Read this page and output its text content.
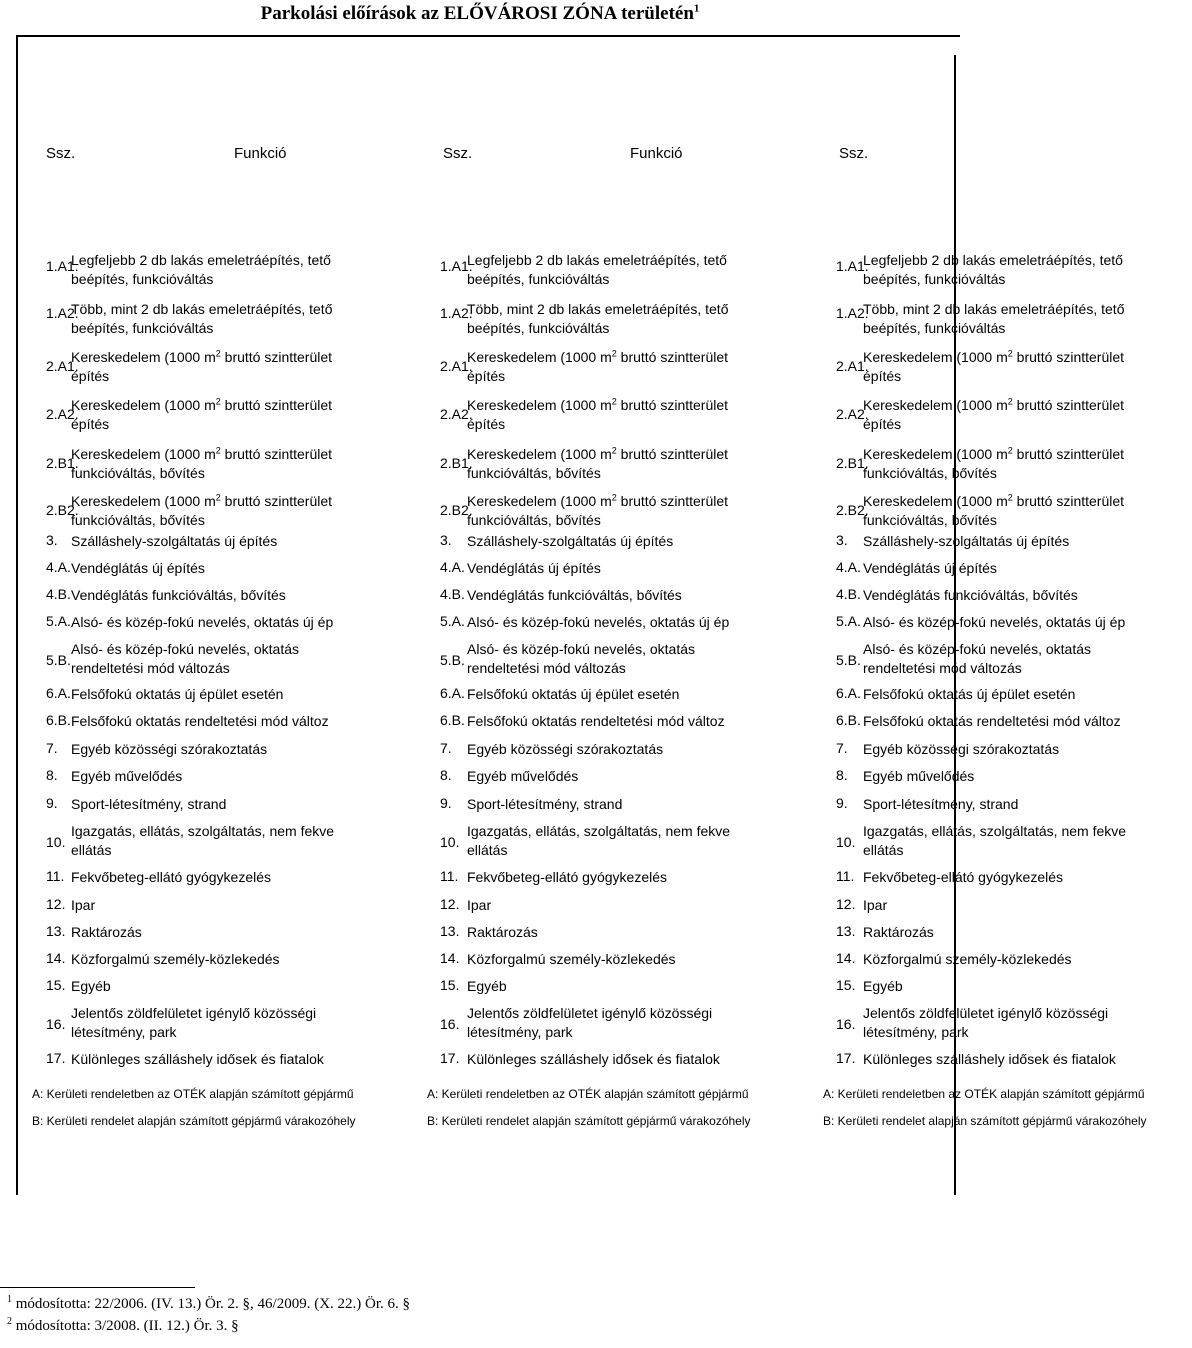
Parkolási előírások az ELŐVÁROSI ZÓNA területén$^1$
Ssz.	Funkció
1.A1.
Legfeljebb 2 db lakás emeletráépítés, tető
beépítés, funkcióváltás
1.A2.
Több, mint 2 db lakás emeletráépítés, tető
beépítés, funkcióváltás
2.A1.
Kereskedelem (1000 $m^2$ bruttó szintterület
építés
2.A2.
Kereskedelem (1000 $m^2$ bruttó szintterület
építés
2.B1.
Kereskedelem (1000 $m^2$ bruttó szintterület
funkcióváltás, bővítés
2.B2.
Kereskedelem (1000 $m^2$ bruttó szintterület
funkcióváltás, bővítés
3. Szálláshely-szolgáltatás új építés
4.A. Vendéglátás új építés
4.B. Vendéglátás funkcióváltás, bővítés
5.A. Alsó- és közép-fokú nevelés, oktatás új ép
5.B.
Alsó- és közép-fokú nevelés, oktatás
rendeltetési mód változás
6.A. Felsőfokú oktatás új épület esetén
6.B. Felsőfokú oktatás rendeltetési mód változ
7. Egyéb közösségi szórakoztatás
8. Egyéb művelődés
9. Sport-létesítmény, strand
10.
Igazgatás, ellátás, szolgáltatás, nem fekve
ellátás
11. Fekvőbeteg-ellátó gyógykezelés
12. Ipar
13. Raktározás
14. Közforgalmú személy-közlekedés
15. Egyéb
16.
Jelentős zöldfelületet igénylő közösségi
létesítmény, park
17. Különleges szálláshely idősek és fiatalok
A: Kerületi rendeletben az OTÉK alapján számított gépjármű
B: Kerületi rendelet alapján számított gépjármű várakozóhely
Ssz.	Funkció
1.A1.
Legfeljebb 2 db lakás emeletráépítés, tető
beépítés, funkcióváltás
1.A2.
Több, mint 2 db lakás emeletráépítés, tető
beépítés, funkcióváltás
2.A1.
Kereskedelem (1000 $m^2$ bruttó szintterület
építés
2.A2.
Kereskedelem (1000 $m^2$ bruttó szintterület
építés
2.B1.
Kereskedelem (1000 $m^2$ bruttó szintterület
funkcióváltás, bővítés
2.B2.
Kereskedelem (1000 $m^2$ bruttó szintterület
funkcióváltás, bővítés
3. Szálláshely-szolgáltatás új építés
4.A. Vendéglátás új építés
4.B. Vendéglátás funkcióváltás, bővítés
5.A. Alsó- és közép-fokú nevelés, oktatás új ép
5.B.
Alsó- és közép-fokú nevelés, oktatás
rendeltetési mód változás
6.A. Felsőfokú oktatás új épület esetén
6.B. Felsőfokú oktatás rendeltetési mód változ
7. Egyéb közösségi szórakoztatás
8. Egyéb művelődés
9. Sport-létesítmény, strand
10.
Igazgatás, ellátás, szolgáltatás, nem fekve
ellátás
11. Fekvőbeteg-ellátó gyógykezelés
12. Ipar
13. Raktározás
14. Közforgalmú személy-közlekedés
15. Egyéb
16.
Jelentős zöldfelületet igénylő közösségi
létesítmény, park
17. Különleges szálláshely idősek és fiatalok
A: Kerületi rendeletben az OTÉK alapján számított gépjármű
B: Kerületi rendelet alapján számított gépjármű várakozóhely
Ssz.
1.A1.
Legfeljebb 2 db lakás emeletráépítés, tető
beépítés, funkcióváltás
1.A2.
Több, mint 2 db lakás emeletráépítés, tető
beépítés, funkcióváltás
2.A1.
Kereskedelem (1000 $m^2$ bruttó szintterület
építés
2.A2.
Kereskedelem (1000 $m^2$ bruttó szintterület
építés
2.B1.
Kereskedelem (1000 $m^2$ bruttó szintterület
funkcióváltás, bővítés
2.B2.
Kereskedelem (1000 $m^2$ bruttó szintterület
funkcióváltás, bővítés
3. Szálláshely-szolgáltatás új építés
4.A. Vendéglátás új építés
4.B. Vendéglátás funkcióváltás, bővítés
5.A. Alsó- és közép-fokú nevelés, oktatás új ép
5.B.
Alsó- és közép-fokú nevelés, oktatás
rendeltetési mód változás
6.A. Felsőfokú oktatás új épület esetén
6.B. Felsőfokú oktatás rendeltetési mód változ
7. Egyéb közösségi szórakoztatás
8. Egyéb művelődés
9. Sport-létesítmény, strand
10.
Igazgatás, ellátás, szolgáltatás, nem fekve
ellátás
11. Fekvőbeteg-ellátó gyógykezelés
12. Ipar
13. Raktározás
14. Közforgalmú személy-közlekedés
15. Egyéb
16.
Jelentős zöldfelületet igénylő közösségi
létesítmény, park
17. Különleges szálláshely idősek és fiatalok
A: Kerületi rendeletben az OTÉK alapján számított gépjármű
B: Kerületi rendelet alapján számított gépjármű várakozóhely
$^1$ módosította: 22/2006. (IV. 13.) Ör. 2. §, 46/2009. (X. 22.) Ör. 6. §
$^2$ módosította: 3/2008. (II. 12.) Ör. 3. §
